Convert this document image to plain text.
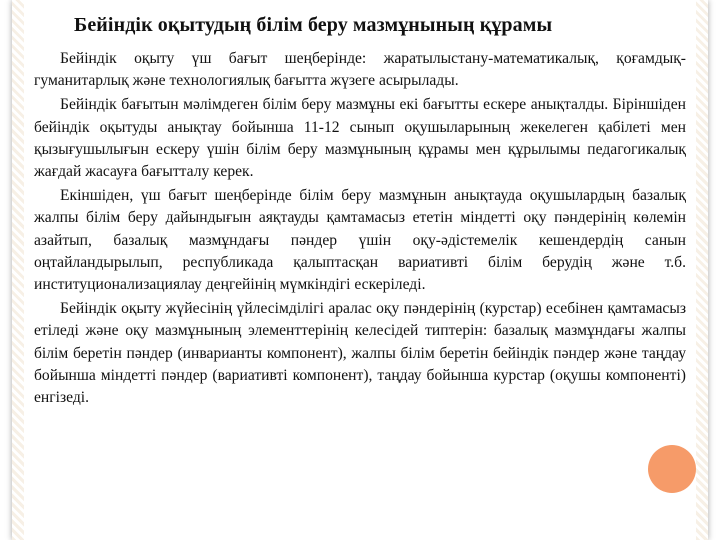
Бейіндік оқытудың білім беру мазмұнының құрамы

Бейіндік оқыту үш бағыт шеңберінде: жаратылыстану-математикалық, қоғамдық-гуманитарлық және технологиялық бағытта жүзеге асырылады.

Бейіндік бағытын мәлімдеген білім беру мазмұны екі бағытты ескере анықталды. Біріншіден бейіндік оқытуды анықтау бойынша 11-12 сынып оқушыларының жекелеген қабілеті мен қызығушылығын ескеру үшін білім беру мазмұнының құрамы мен құрылымы педагогикалық жағдай жасауға бағытталу керек.

Екіншіден, үш бағыт шеңберінде білім беру мазмұнын анықтауда оқушылардың базалық жалпы білім беру дайындығын аяқтауды қамтамасыз ететін міндетті оқу пәндерінің көлемін азайтып, базалық мазмұндағы пәндер үшін оқу-әдістемелік кешендердің санын оңтайландырылып, республикада қалыптасқан вариативті білім берудің және т.б. институционализациялау деңгейінің мүмкіндігі ескеріледі.

Бейіндік оқыту жүйесінің үйлесімділігі аралас оқу пәндерінің (курстар) есебінен қамтамасыз етіледі және оқу мазмұнының элементтерінің келесідей типтерін: базалық мазмұндағы жалпы білім беретін пәндер (инварианты компонент), жалпы білім беретін бейіндік пәндер және таңдау бойынша міндетті пәндер (вариативті компонент), таңдау бойынша курстар (оқушы компоненті) енгізеді.
